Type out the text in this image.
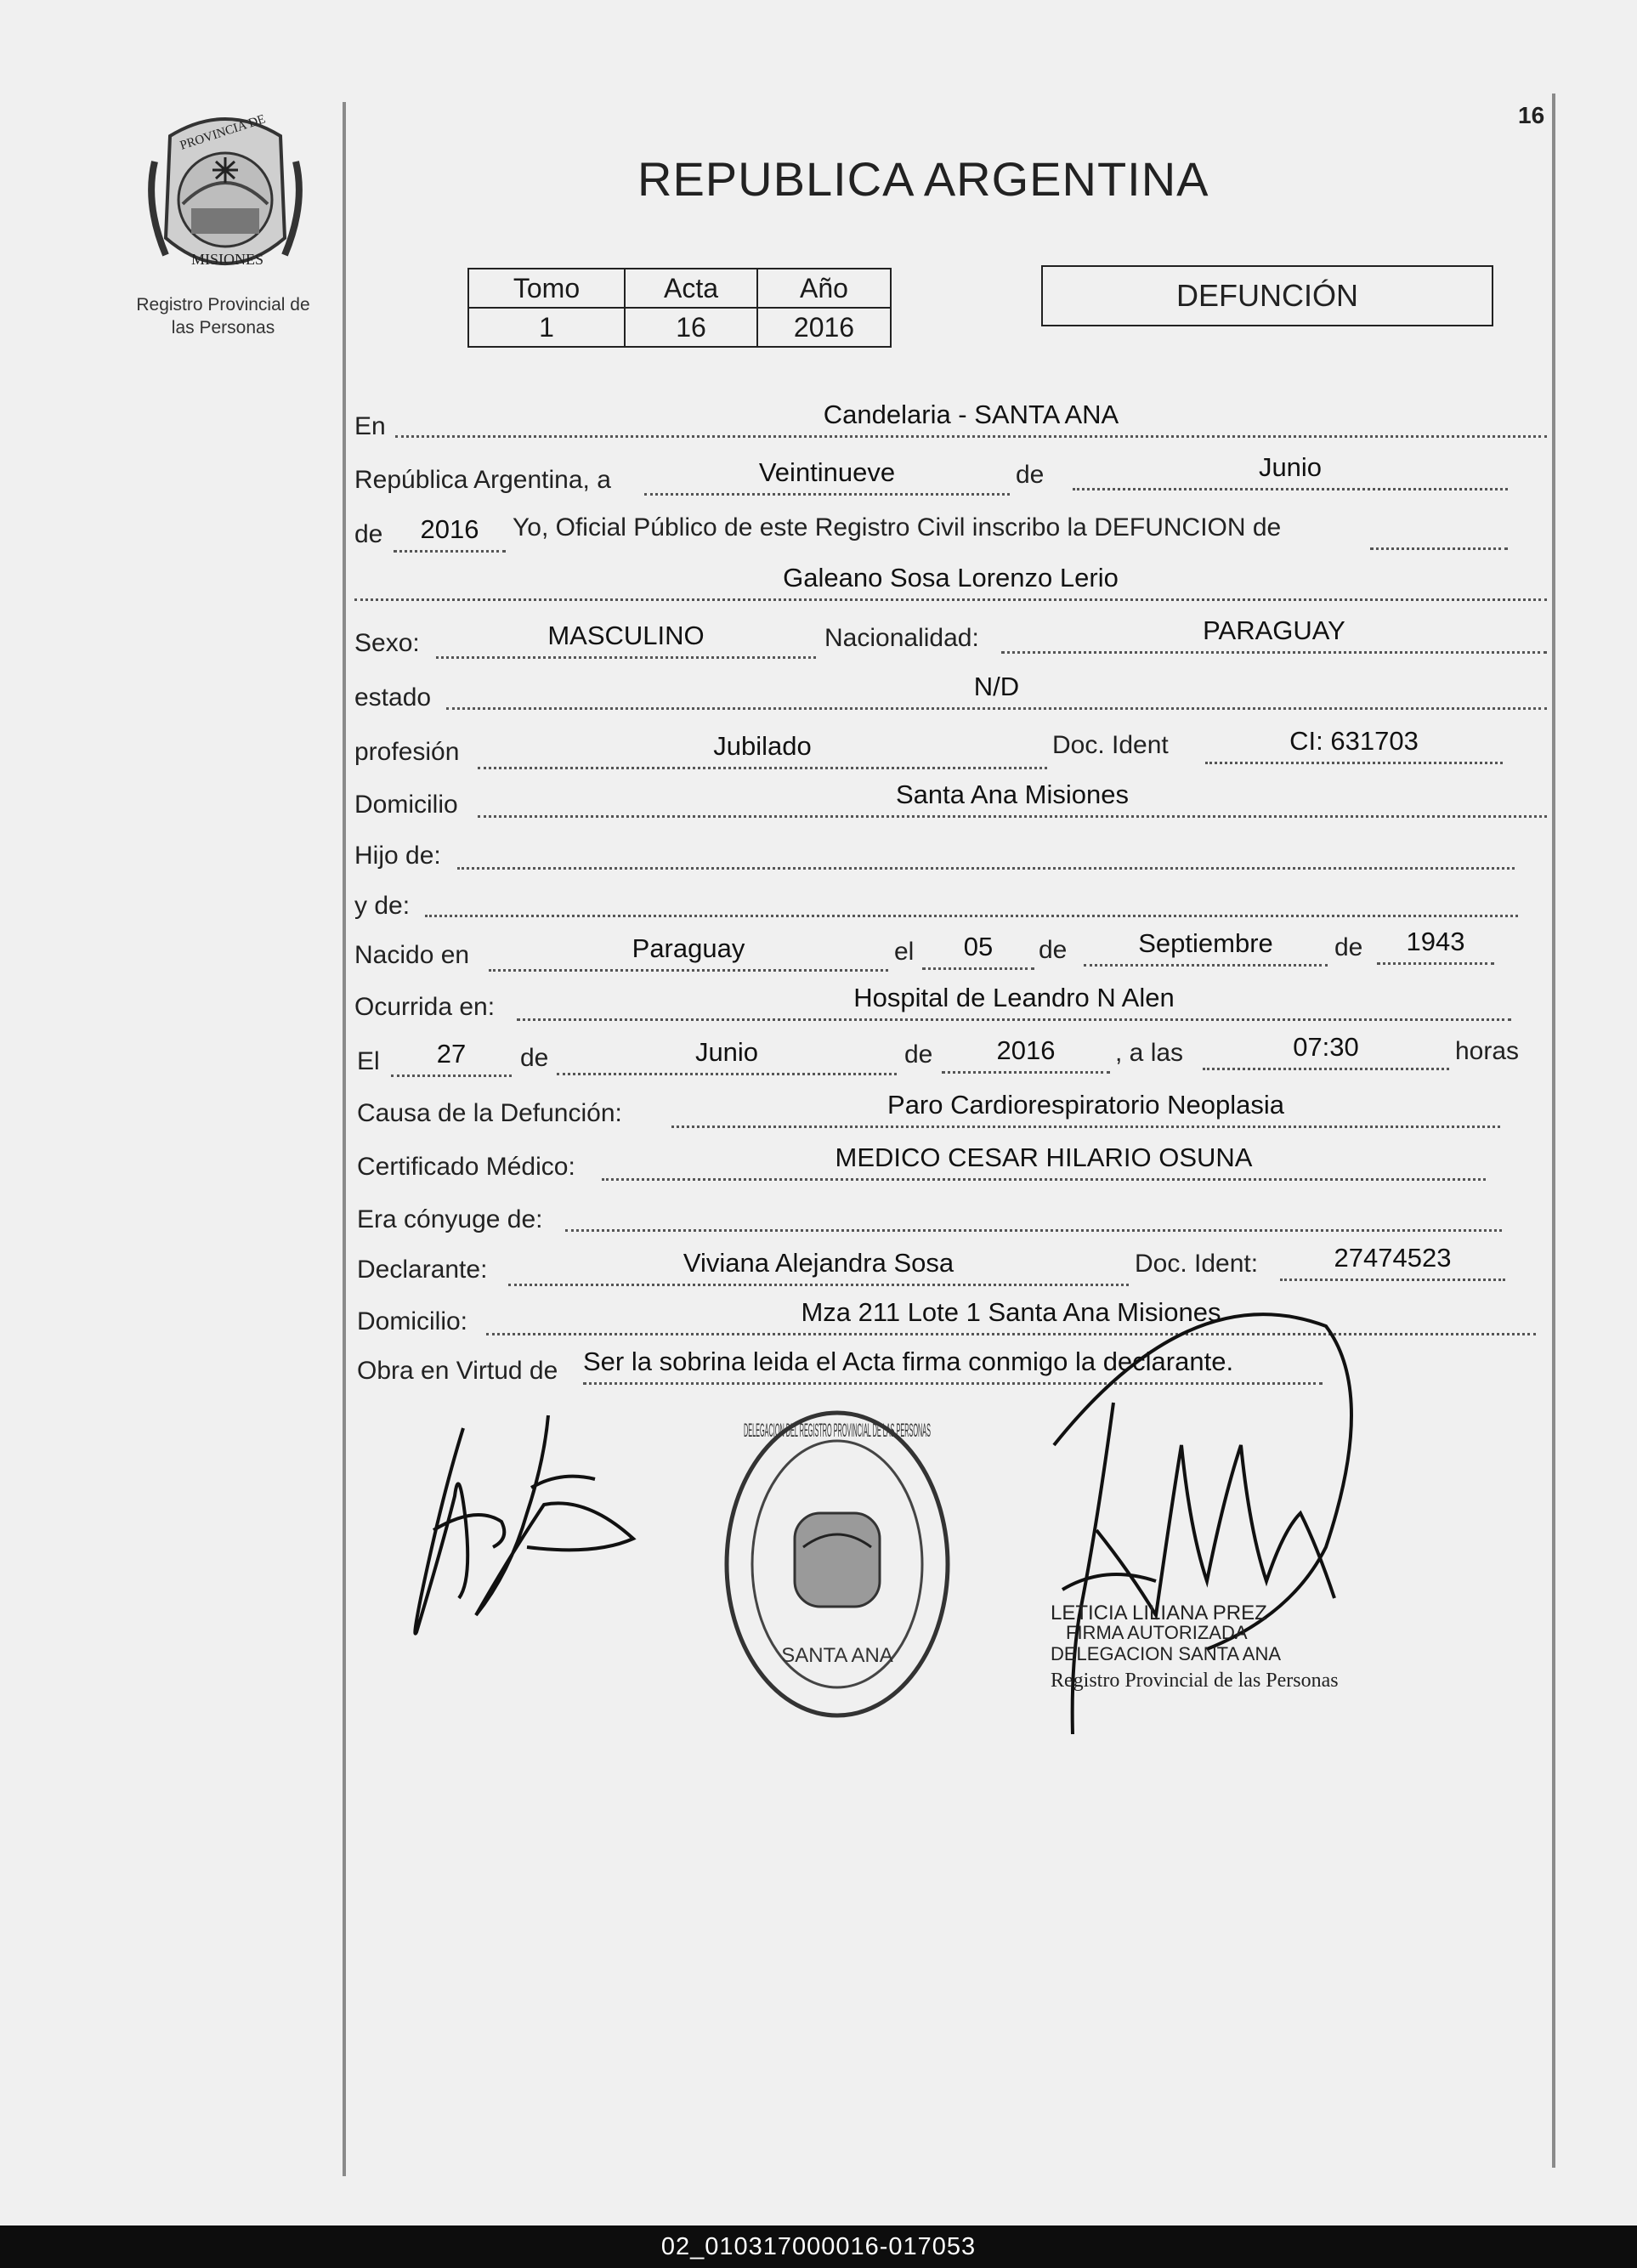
PROVINCIA DE
MISIONES
Registro Provincial de
las Personas
16
REPUBLICA ARGENTINA
Tomo	Acta	Año
1	16	2016
DEFUNCIÓN
En	Candelaria - SANTA ANA
República Argentina, a	Veintinueve	de	Junio
de	2016	Yo, Oficial Público de este Registro Civil inscribo la DEFUNCION de
Galeano Sosa Lorenzo Lerio
Sexo:	MASCULINO	Nacionalidad:	PARAGUAY
estado	N/D
profesión	Jubilado	Doc. Ident	CI: 631703
Domicilio	Santa Ana Misiones
Hijo de:
y de:
Nacido en	Paraguay	el	05	de	Septiembre	de	1943
Ocurrida en:	Hospital de Leandro N Alen
El	27	de	Junio	de	2016	, a las	07:30	horas
Causa de la Defunción:	Paro Cardiorespiratorio Neoplasia
Certificado Médico:	MEDICO CESAR HILARIO OSUNA
Era cónyuge de:
Declarante:	Viviana Alejandra Sosa	Doc. Ident:	27474523
Domicilio:	Mza 211 Lote 1 Santa Ana Misiones
Obra en Virtud de Ser la sobrina leida el Acta firma conmigo la declarante.
DELEGACION DEL REGISTRO PROVINCIAL DE LAS PERSONAS
SANTA ANA
LETICIA LILIANA PREZ
FIRMA AUTORIZADA
DELEGACION SANTA ANA
Registro Provincial de las Personas
02_010317000016-017053
